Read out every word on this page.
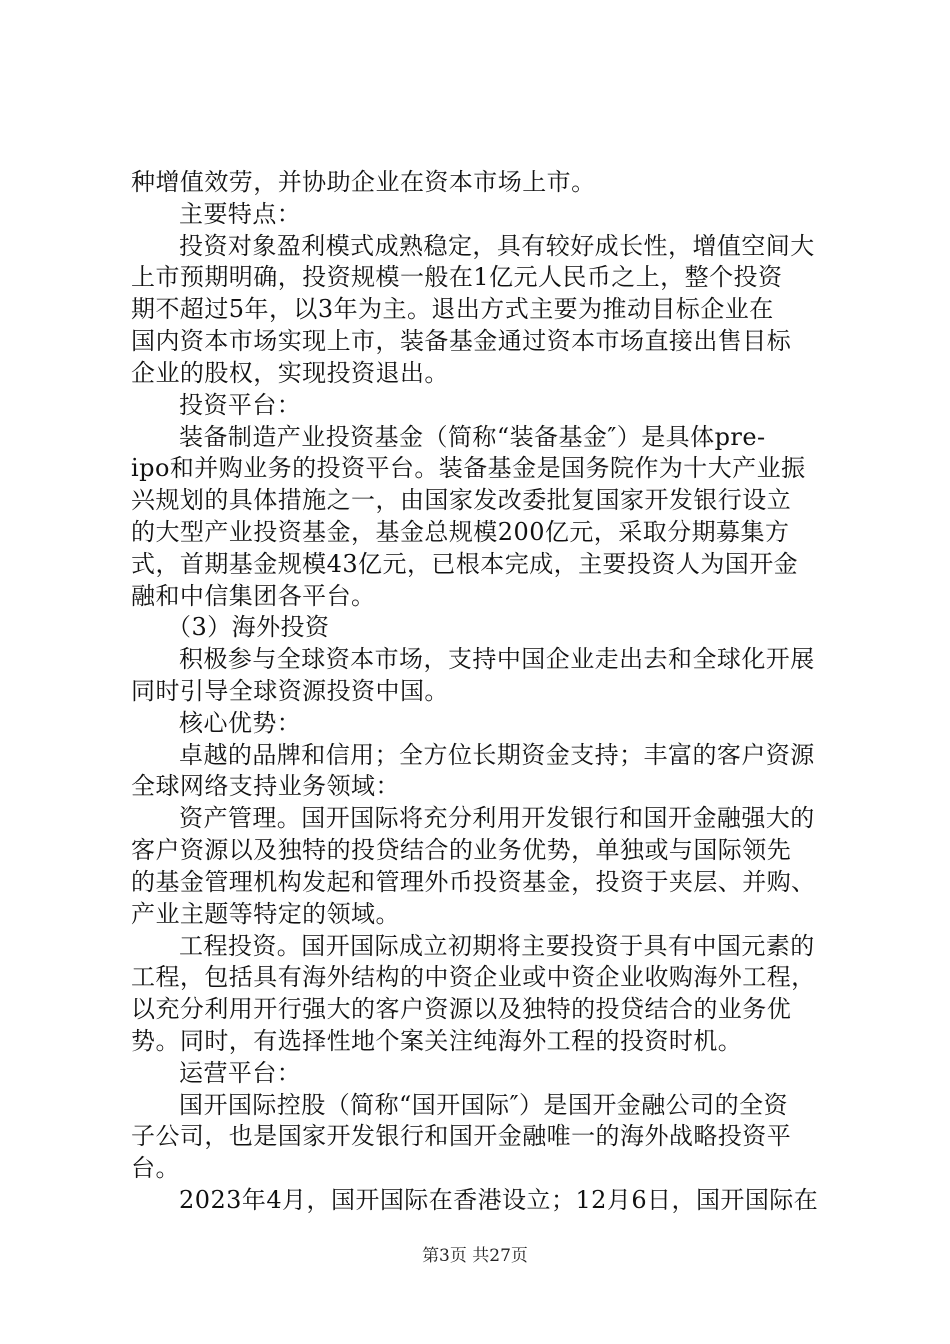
种增值效劳，并协助企业在资本市场上市。
主要特点：
投资对象盈利模式成熟稳定，具有较好成长性，增值空间大
上市预期明确，投资规模一般在1亿元人民币之上，整个投资
期不超过5年，以3年为主。退出方式主要为推动目标企业在
国内资本市场实现上市，装备基金通过资本市场直接出售目标
企业的股权，实现投资退出。
投资平台：
装备制造产业投资基金（简称“装备基金″）是具体pre-
ipo和并购业务的投资平台。装备基金是国务院作为十大产业振
兴规划的具体措施之一，由国家发改委批复国家开发银行设立
的大型产业投资基金，基金总规模200亿元，采取分期募集方
式，首期基金规模43亿元，已根本完成，主要投资人为国开金
融和中信集团各平台。
（3）海外投资
积极参与全球资本市场，支持中国企业走出去和全球化开展
同时引导全球资源投资中国。
核心优势：
卓越的品牌和信用；全方位长期资金支持；丰富的客户资源
全球网络支持业务领域：
资产管理。国开国际将充分利用开发银行和国开金融强大的
客户资源以及独特的投贷结合的业务优势，单独或与国际领先
的基金管理机构发起和管理外币投资基金，投资于夹层、并购、
产业主题等特定的领域。
工程投资。国开国际成立初期将主要投资于具有中国元素的
工程，包括具有海外结构的中资企业或中资企业收购海外工程，
以充分利用开行强大的客户资源以及独特的投贷结合的业务优
势。同时，有选择性地个案关注纯海外工程的投资时机。
运营平台：
国开国际控股（简称“国开国际″）是国开金融公司的全资
子公司，也是国家开发银行和国开金融唯一的海外战略投资平
台。
2023年4月，国开国际在香港设立；12月6日，国开国际在
第3页 共27页
